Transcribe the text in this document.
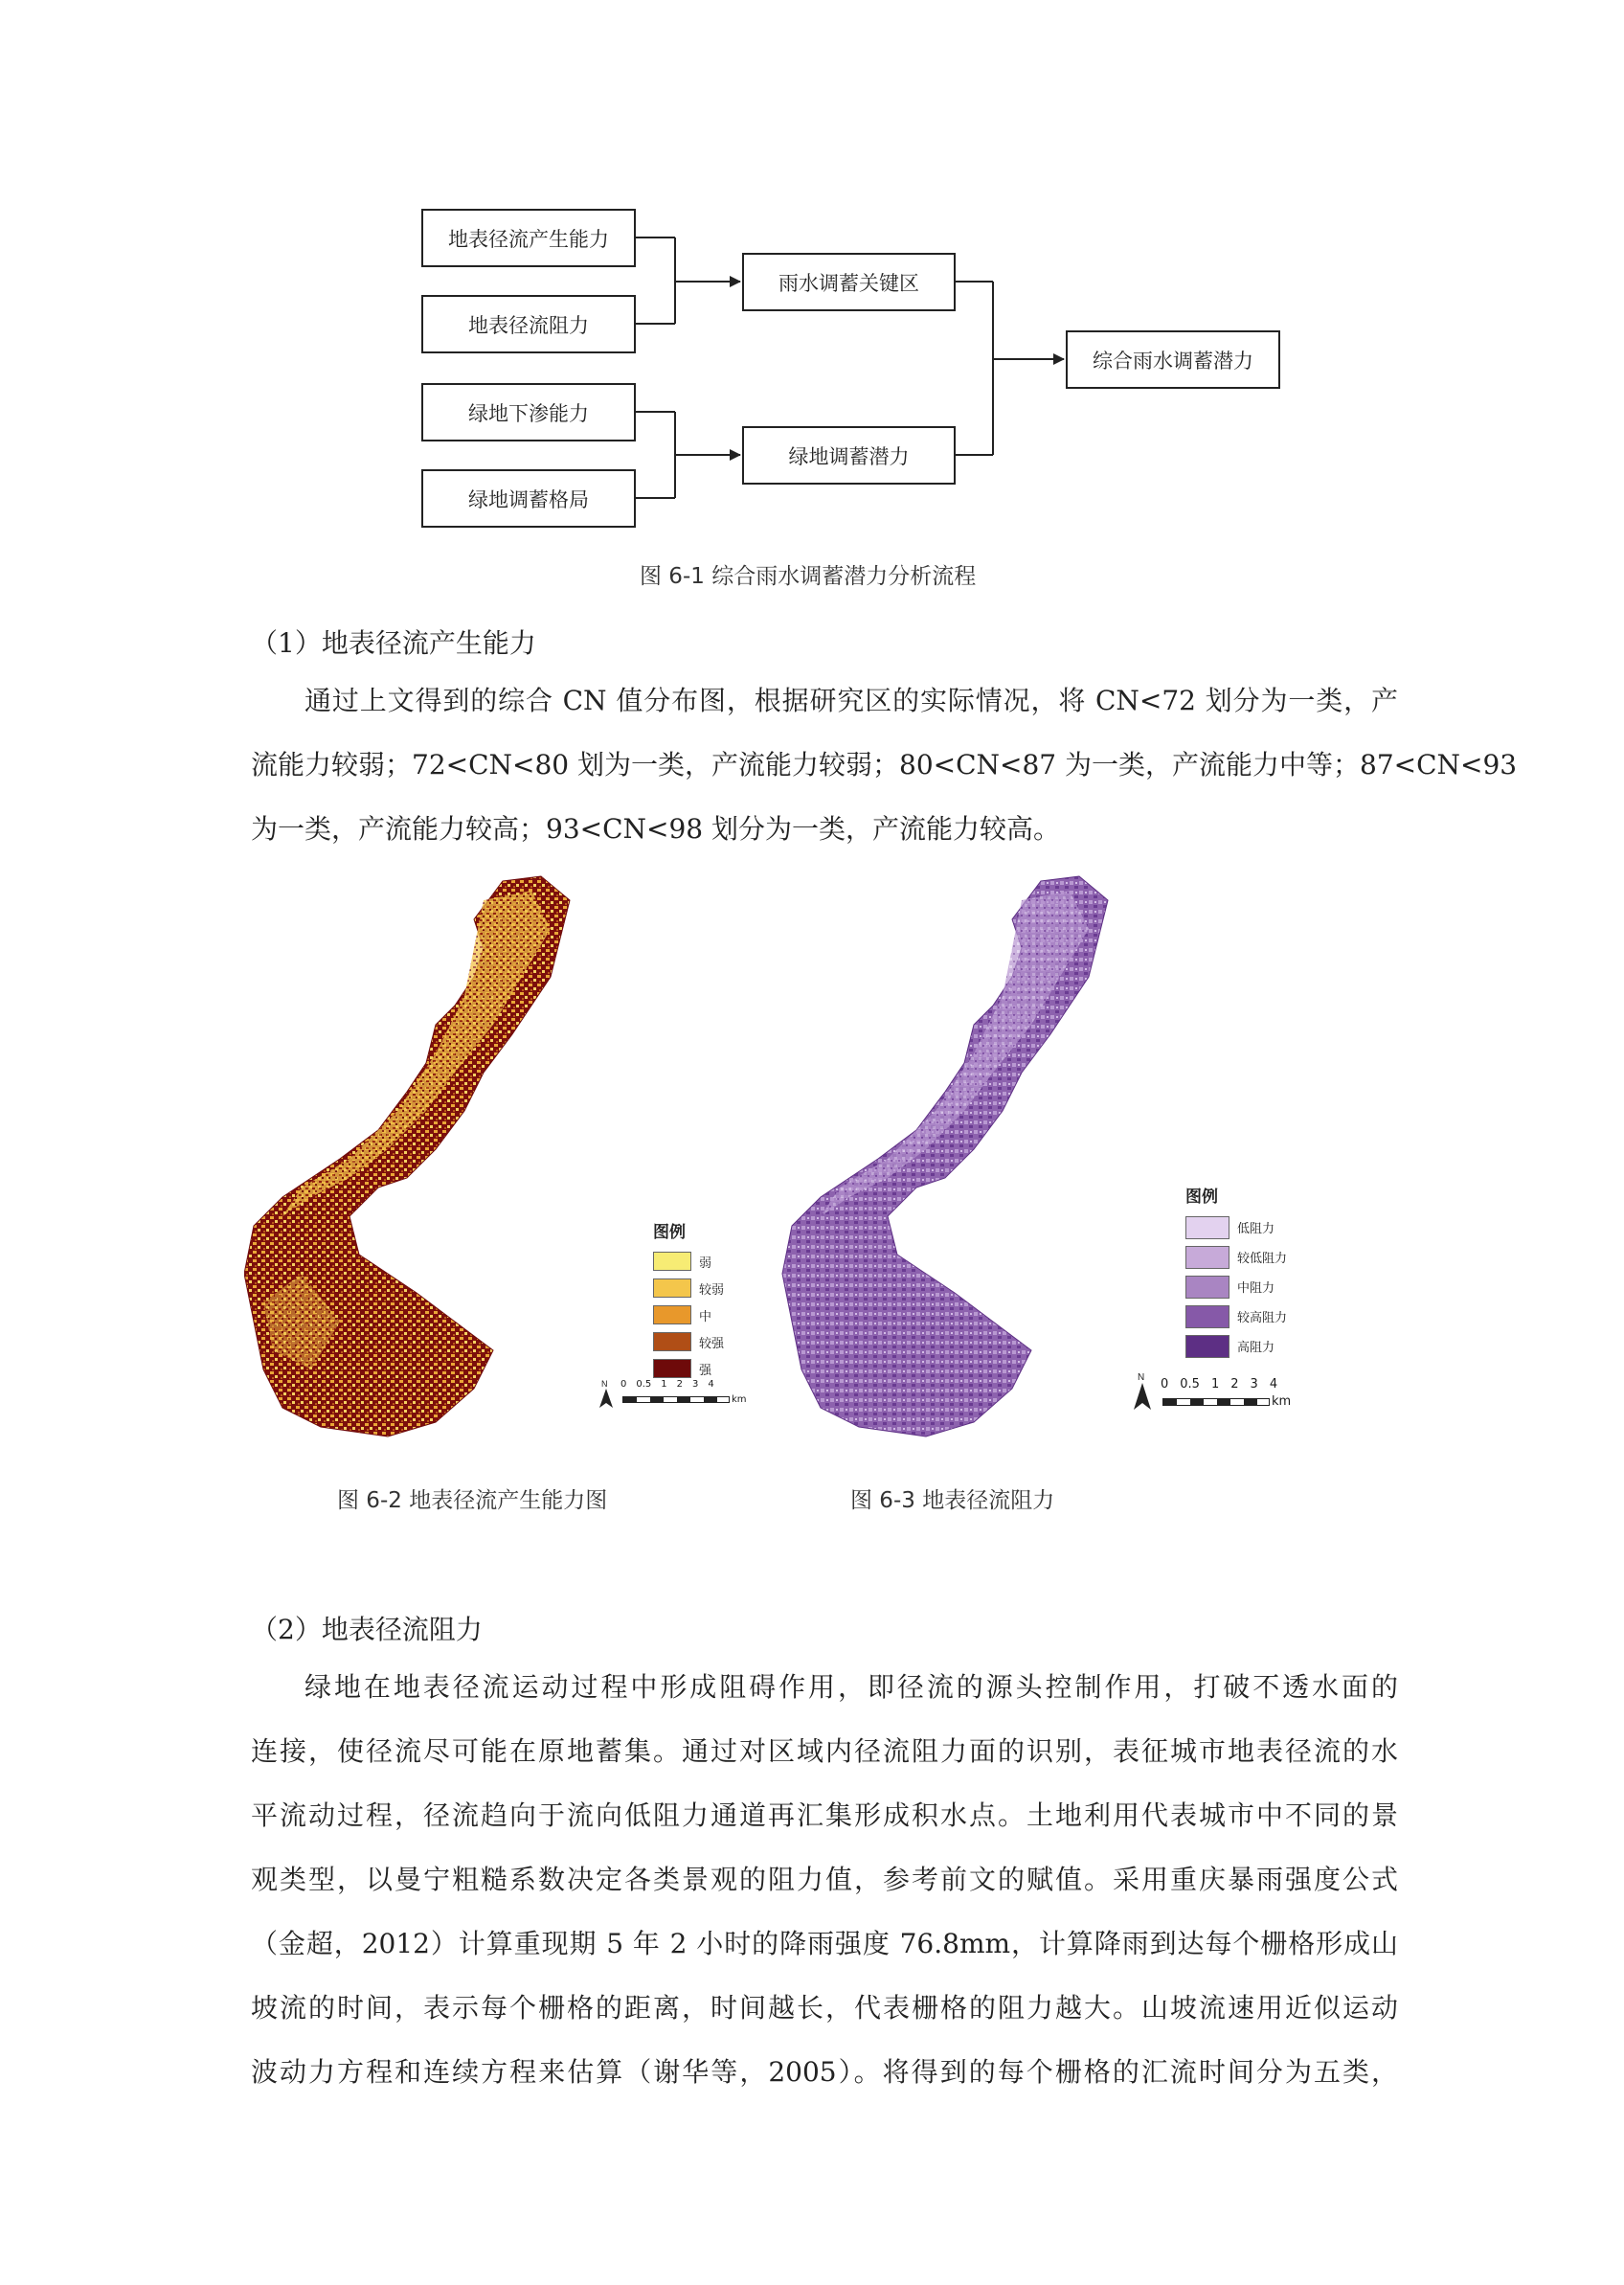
地表径流产生能力
地表径流阻力
绿地下渗能力
绿地调蓄格局
雨水调蓄关键区
绿地调蓄潜力
综合雨水调蓄潜力
图 6-1 综合雨水调蓄潜力分析流程
（1）地表径流产生能力
通过上文得到的综合 CN 值分布图，根据研究区的实际情况，将 CN<72 划分为一类，产
流能力较弱；72<CN<80 划为一类，产流能力较弱；80<CN<87 为一类，产流能力中等；87<CN<93
为一类，产流能力较高；93<CN<98 划分为一类，产流能力较高。
图例
弱
较弱
中
较强
强
N 0 0.5 1 2 3 4
km
图 6-2 地表径流产生能力图
图例
低阻力
较低阻力
中阻力
较高阻力
高阻力
N 0 0.5 1 2 3 4
km
图 6-3 地表径流阻力
（2）地表径流阻力
绿地在地表径流运动过程中形成阻碍作用，即径流的源头控制作用，打破不透水面的
连接，使径流尽可能在原地蓄集。通过对区域内径流阻力面的识别，表征城市地表径流的水
平流动过程，径流趋向于流向低阻力通道再汇集形成积水点。土地利用代表城市中不同的景
观类型，以曼宁粗糙系数决定各类景观的阻力值，参考前文的赋值。采用重庆暴雨强度公式
（金超，2012）计算重现期 5 年 2 小时的降雨强度 76.8mm，计算降雨到达每个栅格形成山
坡流的时间，表示每个栅格的距离，时间越长，代表栅格的阻力越大。山坡流速用近似运动
波动力方程和连续方程来估算（谢华等，2005）。将得到的每个栅格的汇流时间分为五类，
